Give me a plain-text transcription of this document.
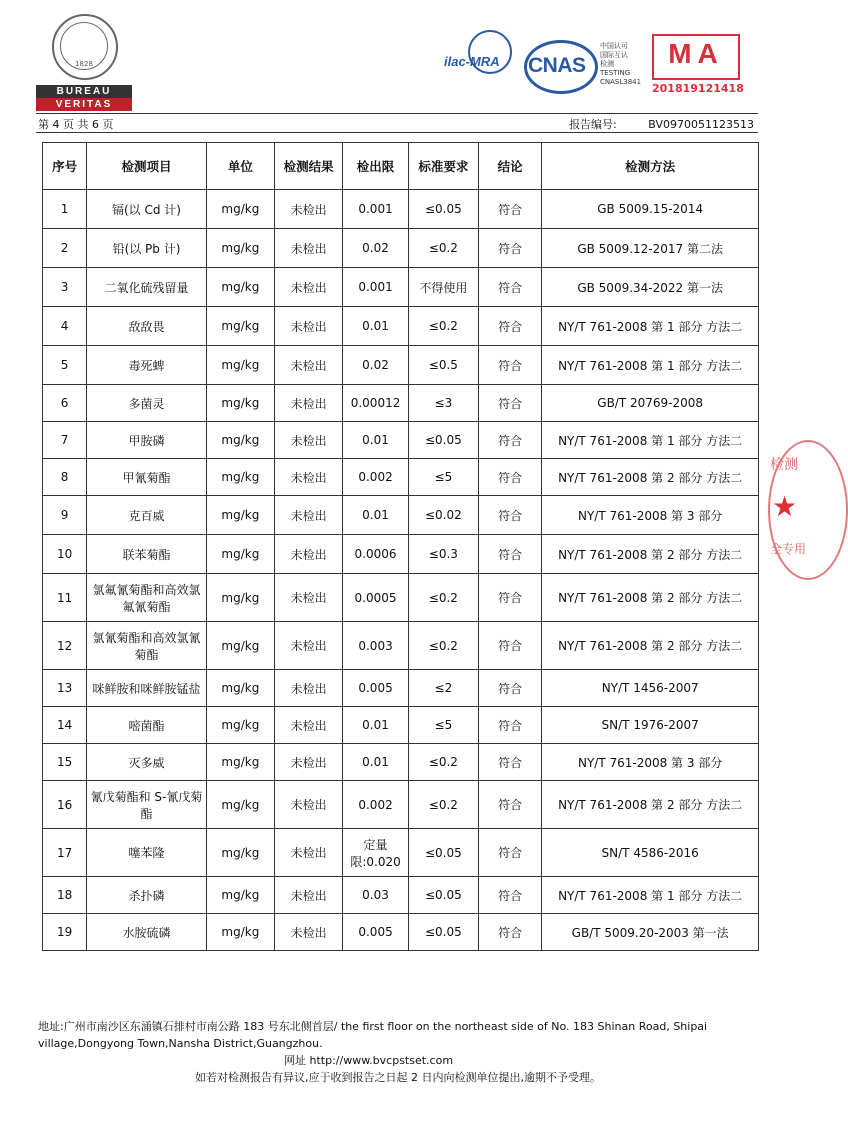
1828
BUREAU
VERITAS
ilac-MRA CNAS
中国认可
国际互认
检测
TESTING
CNASL3841
MA
201819121418
第 4 页 共 6 页	报告编号:	BV0970051123513
序号	检测项目	单位	检测结果	检出限	标准要求	结论	检测方法
1	镉(以 Cd 计)	mg/kg	未检出	0.001	≤0.05	符合	GB 5009.15-2014
2	铅(以 Pb 计)	mg/kg	未检出	0.02	≤0.2	符合	GB 5009.12-2017 第二法
3	二氧化硫残留量	mg/kg	未检出	0.001	不得使用	符合	GB 5009.34-2022 第一法
4	敌敌畏	mg/kg	未检出	0.01	≤0.2	符合	NY/T 761-2008 第 1 部分 方法二
5	毒死蜱	mg/kg	未检出	0.02	≤0.5	符合	NY/T 761-2008 第 1 部分 方法二
6	多菌灵	mg/kg	未检出	0.00012	≤3	符合	GB/T 20769-2008
7	甲胺磷	mg/kg	未检出	0.01	≤0.05	符合	NY/T 761-2008 第 1 部分 方法二
8	甲氰菊酯	mg/kg	未检出	0.002	≤5	符合	NY/T 761-2008 第 2 部分 方法二
9	克百威	mg/kg	未检出	0.01	≤0.02	符合	NY/T 761-2008 第 3 部分
10	联苯菊酯	mg/kg	未检出	0.0006	≤0.3	符合	NY/T 761-2008 第 2 部分 方法二
11	氯氟氰菊酯和高效氯氟氰菊酯	mg/kg	未检出	0.0005	≤0.2	符合	NY/T 761-2008 第 2 部分 方法二
12	氯氰菊酯和高效氯氰菊酯	mg/kg	未检出	0.003	≤0.2	符合	NY/T 761-2008 第 2 部分 方法二
13	咪鲜胺和咪鲜胺锰盐	mg/kg	未检出	0.005	≤2	符合	NY/T 1456-2007
14	嘧菌酯	mg/kg	未检出	0.01	≤5	符合	SN/T 1976-2007
15	灭多威	mg/kg	未检出	0.01	≤0.2	符合	NY/T 761-2008 第 3 部分
16	氰戊菊酯和 S-氰戊菊酯	mg/kg	未检出	0.002	≤0.2	符合	NY/T 761-2008 第 2 部分 方法二
17	噻苯隆	mg/kg	未检出	定量限:0.020	≤0.05	符合	SN/T 4586-2016
18	杀扑磷	mg/kg	未检出	0.03	≤0.05	符合	NY/T 761-2008 第 1 部分 方法二
19	水胺硫磷	mg/kg	未检出	0.005	≤0.05	符合	GB/T 5009.20-2003 第一法
检测
★
全专用
地址:广州市南沙区东涌镇石排村市南公路 183 号东北侧首层/ the first floor on the northeast side of No. 183 Shinan Road, Shipai village,Dongyong Town,Nansha District,Guangzhou.
网址 http://www.bvcpstset.com
如若对检测报告有异议,应于收到报告之日起 2 日内向检测单位提出,逾期不予受理。
